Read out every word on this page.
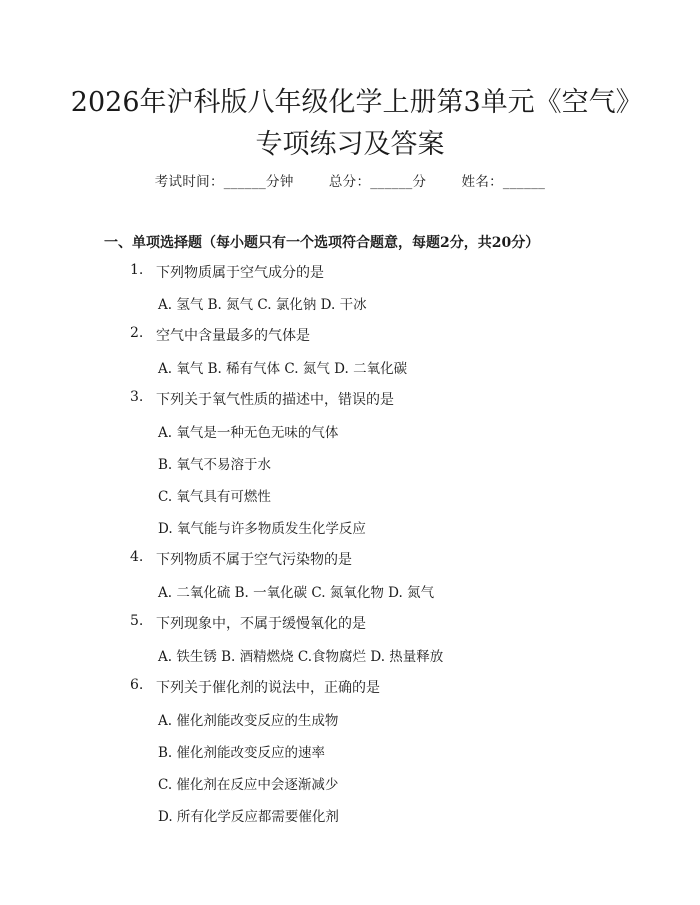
2026年沪科版八年级化学上册第3单元《空气》专项练习及答案
考试时间：______分钟	总分：______分	姓名：______
一、单项选择题（每小题只有一个选项符合题意，每题2分，共20分）
1. 下列物质属于空气成分的是
A. 氢气 B. 氮气 C. 氯化钠 D. 干冰
2. 空气中含量最多的气体是
A. 氧气 B. 稀有气体 C. 氮气 D. 二氧化碳
3. 下列关于氧气性质的描述中，错误的是
A. 氧气是一种无色无味的气体
B. 氧气不易溶于水
C. 氧气具有可燃性
D. 氧气能与许多物质发生化学反应
4. 下列物质不属于空气污染物的是
A. 二氧化硫 B. 一氧化碳 C. 氮氧化物 D. 氮气
5. 下列现象中，不属于缓慢氧化的是
A. 铁生锈 B. 酒精燃烧 C.食物腐烂 D. 热量释放
6. 下列关于催化剂的说法中，正确的是
A. 催化剂能改变反应的生成物
B. 催化剂能改变反应的速率
C. 催化剂在反应中会逐渐减少
D. 所有化学反应都需要催化剂
